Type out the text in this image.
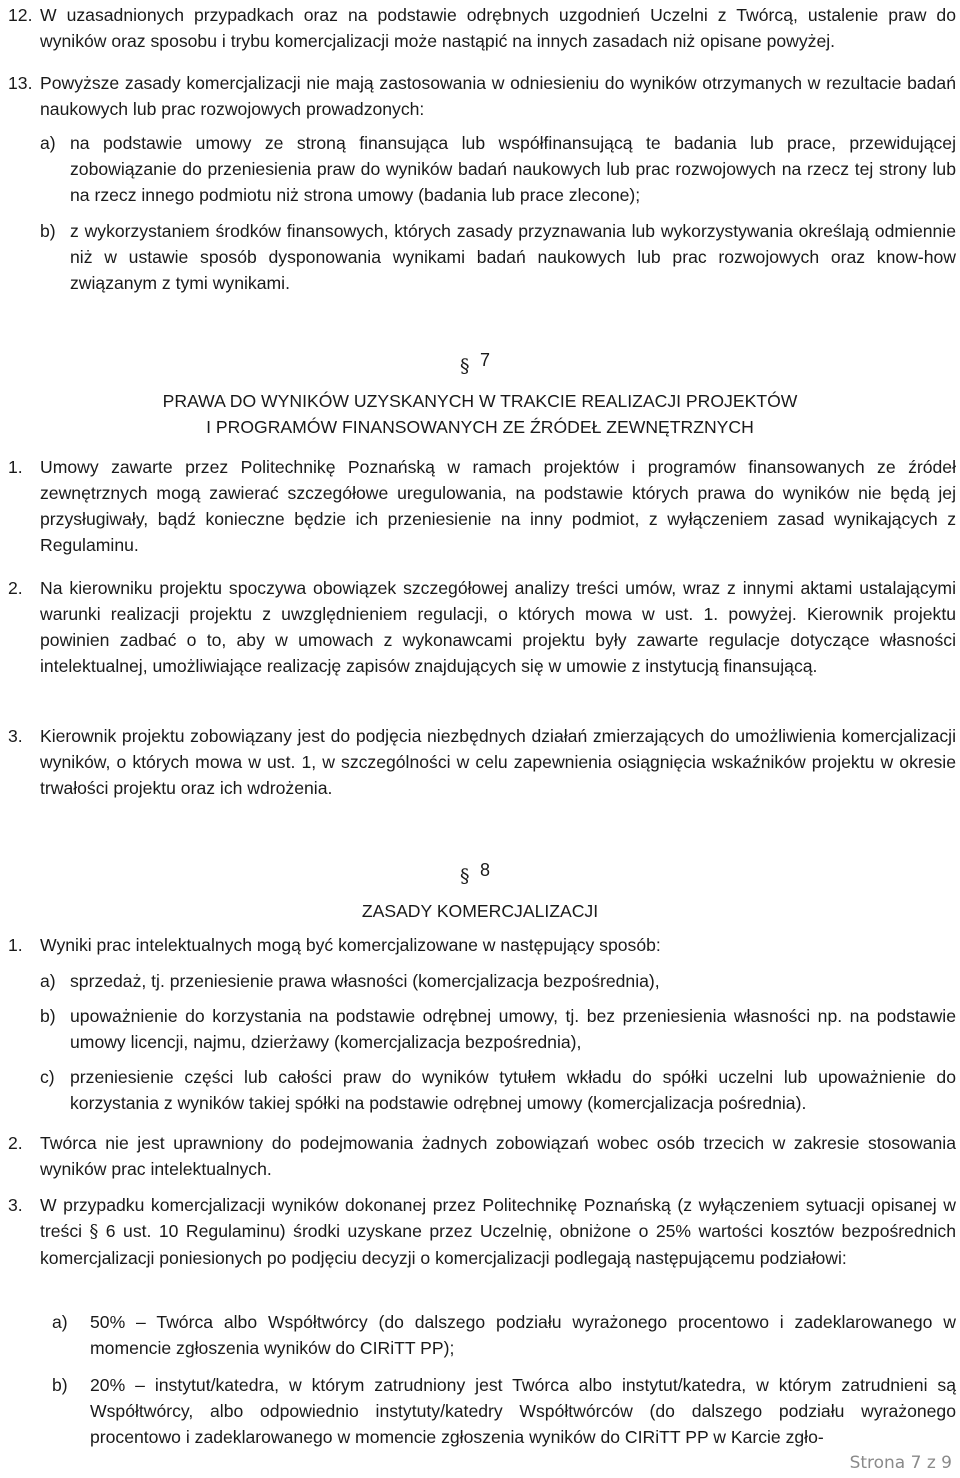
12. W uzasadnionych przypadkach oraz na podstawie odrębnych uzgodnień Uczelni z Twórcą, ustalenie praw do wyników oraz sposobu i trybu komercjalizacji może nastąpić na innych zasadach niż opisane powyżej.
13. Powyższe zasady komercjalizacji nie mają zastosowania w odniesieniu do wyników otrzymanych w rezultacie badań naukowych lub prac rozwojowych prowadzonych:
a) na podstawie umowy ze stroną finansująca lub współfinansującą te badania lub prace, przewidującej zobowiązanie do przeniesienia praw do wyników badań naukowych lub prac rozwojowych na rzecz tej strony lub na rzecz innego podmiotu niż strona umowy (badania lub prace zlecone);
b) z wykorzystaniem środków finansowych, których zasady przyznawania lub wykorzystywania określają odmiennie niż w ustawie sposób dysponowania wynikami badań naukowych lub prac rozwojowych oraz know-how związanym z tymi wynikami.
§ 7
PRAWA DO WYNIKÓW UZYSKANYCH W TRAKCIE REALIZACJI PROJEKTÓW
I PROGRAMÓW FINANSOWANYCH ZE ŹRÓDEŁ ZEWNĘTRZNYCH
1. Umowy zawarte przez Politechnikę Poznańską w ramach projektów i programów finansowanych ze źródeł zewnętrznych mogą zawierać szczegółowe uregulowania, na podstawie których prawa do wyników nie będą jej przysługiwały, bądź konieczne będzie ich przeniesienie na inny podmiot, z wyłączeniem zasad wynikających z Regulaminu.
2. Na kierowniku projektu spoczywa obowiązek szczegółowej analizy treści umów, wraz z innymi aktami ustalającymi warunki realizacji projektu z uwzględnieniem regulacji, o których mowa w ust. 1. powyżej. Kierownik projektu powinien zadbać o to, aby w umowach z wykonawcami projektu były zawarte regulacje dotyczące własności intelektualnej, umożliwiające realizację zapisów znajdujących się w umowie z instytucją finansującą.
3. Kierownik projektu zobowiązany jest do podjęcia niezbędnych działań zmierzających do umożliwienia komercjalizacji wyników, o których mowa w ust. 1, w szczególności w celu zapewnienia osiągnięcia wskaźników projektu w okresie trwałości projektu oraz ich wdrożenia.
§ 8
ZASADY KOMERCJALIZACJI
1. Wyniki prac intelektualnych mogą być komercjalizowane w następujący sposób:
a) sprzedaż, tj. przeniesienie prawa własności (komercjalizacja bezpośrednia),
b) upoważnienie do korzystania na podstawie odrębnej umowy, tj. bez przeniesienia własności np. na podstawie umowy licencji, najmu, dzierżawy (komercjalizacja bezpośrednia),
c) przeniesienie części lub całości praw do wyników tytułem wkładu do spółki uczelni lub upoważnienie do korzystania z wyników takiej spółki na podstawie odrębnej umowy (komercjalizacja pośrednia).
2. Twórca nie jest uprawniony do podejmowania żadnych zobowiązań wobec osób trzecich w zakresie stosowania wyników prac intelektualnych.
3. W przypadku komercjalizacji wyników dokonanej przez Politechnikę Poznańską (z wyłączeniem sytuacji opisanej w treści § 6 ust. 10 Regulaminu) środki uzyskane przez Uczelnię, obniżone o 25% wartości kosztów bezpośrednich komercjalizacji poniesionych po podjęciu decyzji o komercjalizacji podlegają następującemu podziałowi:
a) 50% – Twórca albo Współtwórcy (do dalszego podziału wyrażonego procentowo i zadeklarowanego w momencie zgłoszenia wyników do CIRiTT PP);
b) 20% – instytut/katedra, w którym zatrudniony jest Twórca albo instytut/katedra, w którym zatrudnieni są Współtwórcy, albo odpowiednio instytuty/katedry Współtwórców (do dalszego podziału wyrażonego procentowo i zadeklarowanego w momencie zgłoszenia wyników do CIRiTT PP w Karcie zgło-
Strona 7 z 9
